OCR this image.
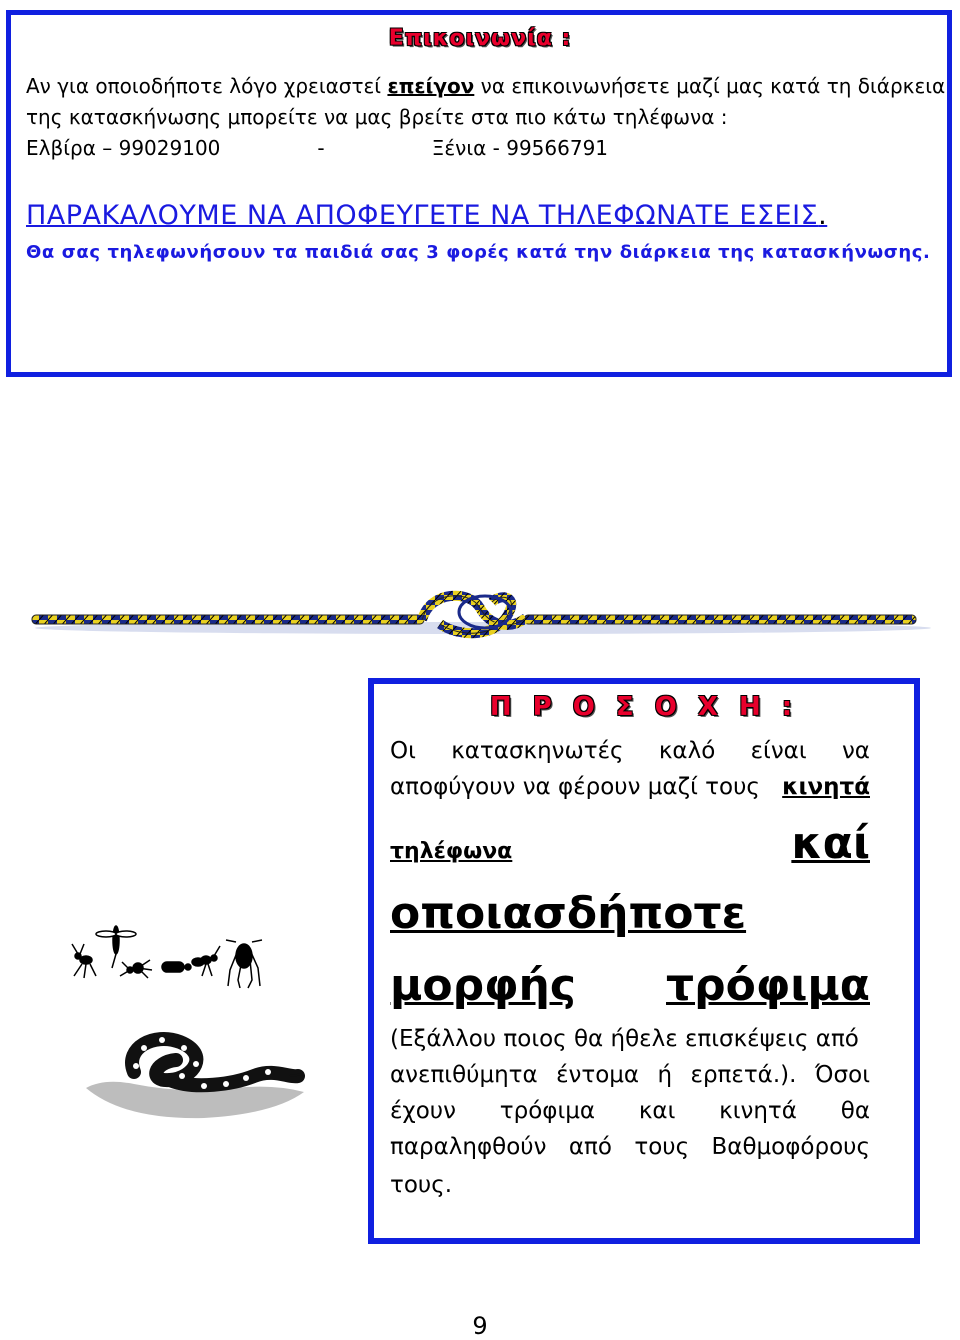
Επικοινωνία :
Αν για οποιοδήποτε λόγο χρειαστεί επείγον να επικοινωνήσετε μαζί μας κατά τη διάρκεια
της κατασκήνωσης μπορείτε να μας βρείτε στα πιο κάτω τηλέφωνα :
Ελβίρα – 99029100	-	Ξένια - 99566791
ΠΑΡΑΚΑΛΟΥΜΕ ΝΑ ΑΠΟΦΕΥΓΕΤΕ ΝΑ ΤΗΛΕΦΩΝΑΤΕ ΕΣΕΙΣ.
Θα σας τηλεφωνήσουν τα παιδιά σας 3 φορές κατά την διάρκεια της κατασκήνωσης.
Π Ρ Ο Σ Ο Χ Η :
Οι κατασκηνωτές καλό είναι να
αποφύγουν να φέρουν μαζί τους κινητά
τηλέφωνα	καί
οποιασδήποτε
μορφής τρόφιμα
(Εξάλλου ποιος θα ήθελε επισκέψεις από
ανεπιθύμητα έντομα ή ερπετά.). Όσοι
έχουν τρόφιμα και κινητά θα
παραληφθούν από τους Βαθμοφόρους
τους.
9
